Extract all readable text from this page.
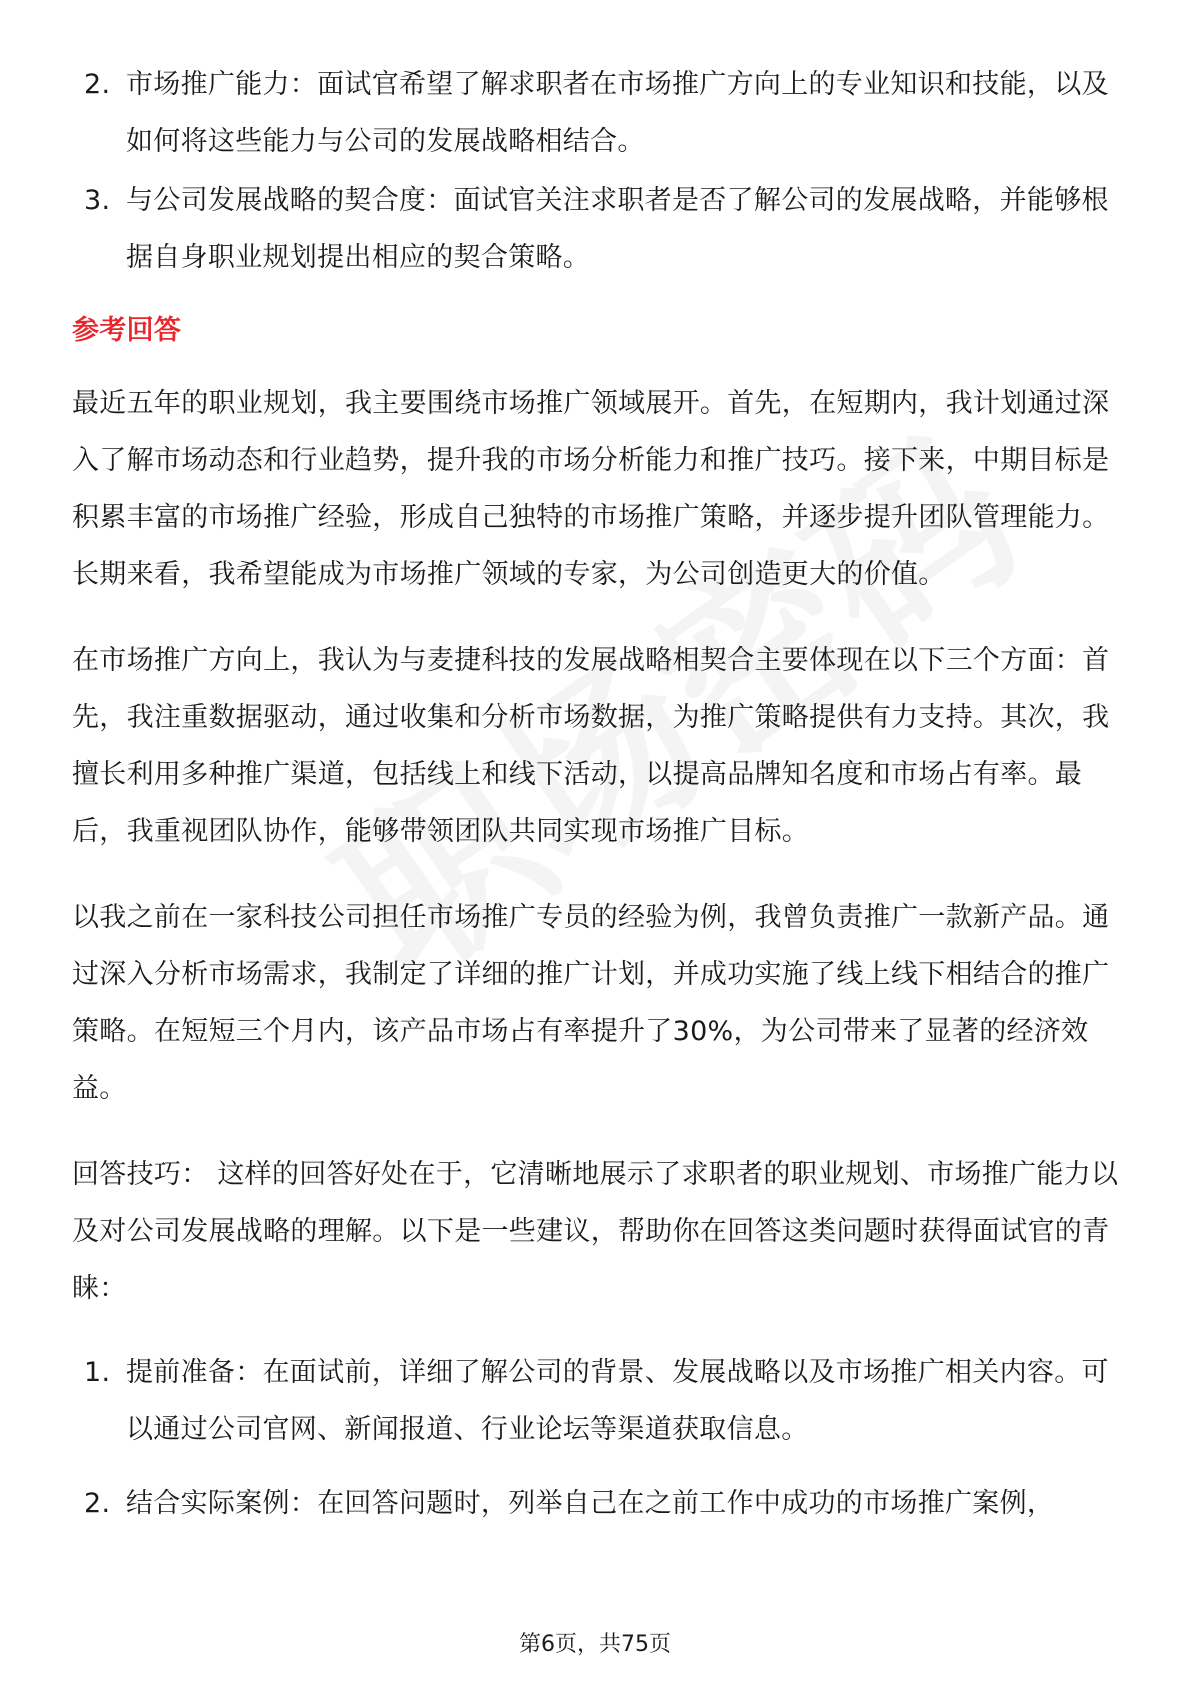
2. 市场推广能力：面试官希望了解求职者在市场推广方向上的专业知识和技能，以及如何将这些能力与公司的发展战略相结合。
3. 与公司发展战略的契合度：面试官关注求职者是否了解公司的发展战略，并能够根据自身职业规划提出相应的契合策略。
参考回答
最近五年的职业规划，我主要围绕市场推广领域展开。首先，在短期内，我计划通过深入了解市场动态和行业趋势，提升我的市场分析能力和推广技巧。接下来，中期目标是积累丰富的市场推广经验，形成自己独特的市场推广策略，并逐步提升团队管理能力。长期来看，我希望能成为市场推广领域的专家，为公司创造更大的价值。
在市场推广方向上，我认为与麦捷科技的发展战略相契合主要体现在以下三个方面：首先，我注重数据驱动，通过收集和分析市场数据，为推广策略提供有力支持。其次，我擅长利用多种推广渠道，包括线上和线下活动，以提高品牌知名度和市场占有率。最后，我重视团队协作，能够带领团队共同实现市场推广目标。
以我之前在一家科技公司担任市场推广专员的经验为例，我曾负责推广一款新产品。通过深入分析市场需求，我制定了详细的推广计划，并成功实施了线上线下相结合的推广策略。在短短三个月内，该产品市场占有率提升了30%，为公司带来了显著的经济效益。
回答技巧： 这样的回答好处在于，它清晰地展示了求职者的职业规划、市场推广能力以及对公司发展战略的理解。以下是一些建议，帮助你在回答这类问题时获得面试官的青睐：
1. 提前准备：在面试前，详细了解公司的背景、发展战略以及市场推广相关内容。可以通过公司官网、新闻报道、行业论坛等渠道获取信息。
2. 结合实际案例：在回答问题时，列举自己在之前工作中成功的市场推广案例，
第6页，共75页
